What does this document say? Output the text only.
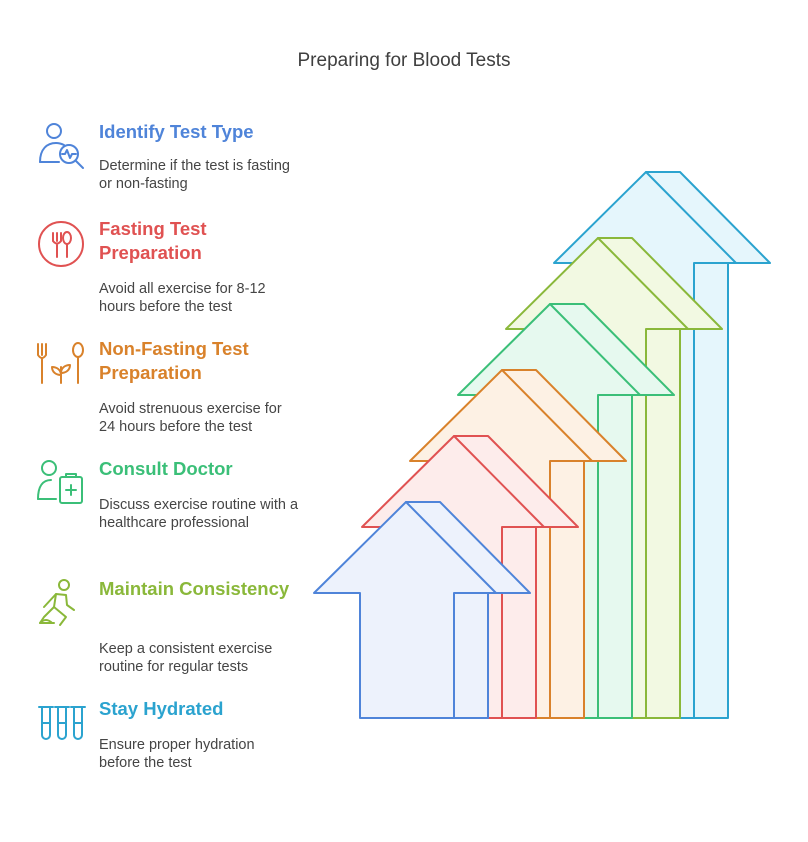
Preparing for Blood Tests
Identify Test Type
Determine if the test is fasting or non-fasting
Fasting Test Preparation
Avoid all exercise for 8-12 hours before the test
Non-Fasting Test Preparation
Avoid strenuous exercise for 24 hours before the test
Consult Doctor
Discuss exercise routine with a healthcare professional
Maintain Consistency
Keep a consistent exercise routine for regular tests
Stay Hydrated
Ensure proper hydration before the test
